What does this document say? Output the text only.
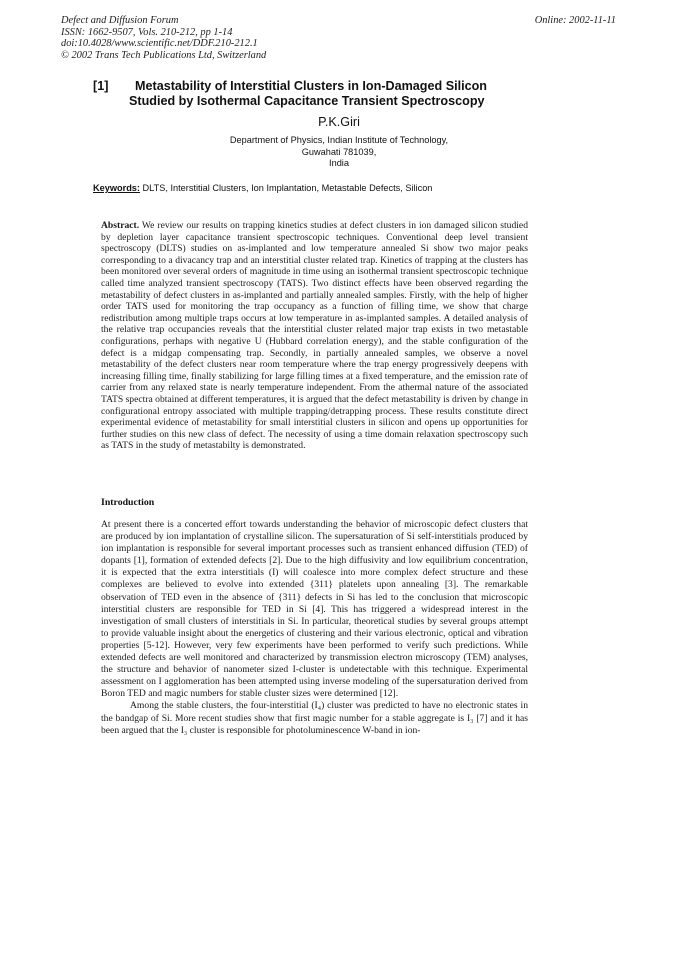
Defect and Diffusion Forum
ISSN: 1662-9507, Vols. 210-212, pp 1-14
doi:10.4028/www.scientific.net/DDF.210-212.1
© 2002 Trans Tech Publications Ltd, Switzerland
Online: 2002-11-11
[1] Metastability of Interstitial Clusters in Ion-Damaged Silicon
Studied by Isothermal Capacitance Transient Spectroscopy
P.K.Giri
Department of Physics, Indian Institute of Technology,
Guwahati 781039,
India
Keywords: DLTS, Interstitial Clusters, Ion Implantation, Metastable Defects, Silicon

Abstract. We review our results on trapping kinetics studies at defect clusters in ion damaged silicon studied by depletion layer capacitance transient spectroscopic techniques. Conventional deep level transient spectroscopy (DLTS) studies on as-implanted and low temperature annealed Si show two major peaks corresponding to a divacancy trap and an interstitial cluster related trap. Kinetics of trapping at the clusters has been monitored over several orders of magnitude in time using an isothermal transient spectroscopic technique called time analyzed transient spectroscopy (TATS). Two distinct effects have been observed regarding the metastability of defect clusters in as-implanted and partially annealed samples. Firstly, with the help of higher order TATS used for monitoring the trap occupancy as a function of filling time, we show that charge redistribution among multiple traps occurs at low temperature in as-implanted samples. A detailed analysis of the relative trap occupancies reveals that the interstitial cluster related major trap exists in two metastable configurations, perhaps with negative U (Hubbard correlation energy), and the stable configuration of the defect is a midgap compensating trap. Secondly, in partially annealed samples, we observe a novel metastability of the defect clusters near room temperature where the trap energy progressively deepens with increasing filling time, finally stabilizing for large filling times at a fixed temperature, and the emission rate of carrier from any relaxed state is nearly temperature independent. From the athermal nature of the associated TATS spectra obtained at different temperatures, it is argued that the defect metastability is driven by change in configurational entropy associated with multiple trapping/detrapping process. These results constitute direct experimental evidence of metastability for small interstitial clusters in silicon and opens up opportunities for further studies on this new class of defect. The necessity of using a time domain relaxation spectroscopy such as TATS in the study of metastabilty is demonstrated.

Introduction

At present there is a concerted effort towards understanding the behavior of microscopic defect clusters that are produced by ion implantation of crystalline silicon. The supersaturation of Si self-interstitials produced by ion implantation is responsible for several important processes such as transient enhanced diffusion (TED) of dopants [1], formation of extended defects [2]. Due to the high diffusivity and low equilibrium concentration, it is expected that the extra interstitials (I) will coalesce into more complex defect structure and these complexes are believed to evolve into extended {311} platelets upon annealing [3]. The remarkable observation of TED even in the absence of {311} defects in Si has led to the conclusion that microscopic interstitial clusters are responsible for TED in Si [4]. This has triggered a widespread interest in the investigation of small clusters of interstitials in Si. In particular, theoretical studies by several groups attempt to provide valuable insight about the energetics of clustering and their various electronic, optical and vibration properties [5-12]. However, very few experiments have been performed to verify such predictions. While extended defects are well monitored and characterized by transmission electron microscopy (TEM) analyses, the structure and behavior of nanometer sized I-cluster is undetectable with this technique. Experimental assessment on I agglomeration has been attempted using inverse modeling of the supersaturation derived from Boron TED and magic numbers for stable cluster sizes were determined [12].

Among the stable clusters, the four-interstitial (I₄) cluster was predicted to have no electronic states in the bandgap of Si. More recent studies show that first magic number for a stable aggregate is I₃ [7] and it has been argued that the I₃ cluster is responsible for photoluminescence W-band in ion-
